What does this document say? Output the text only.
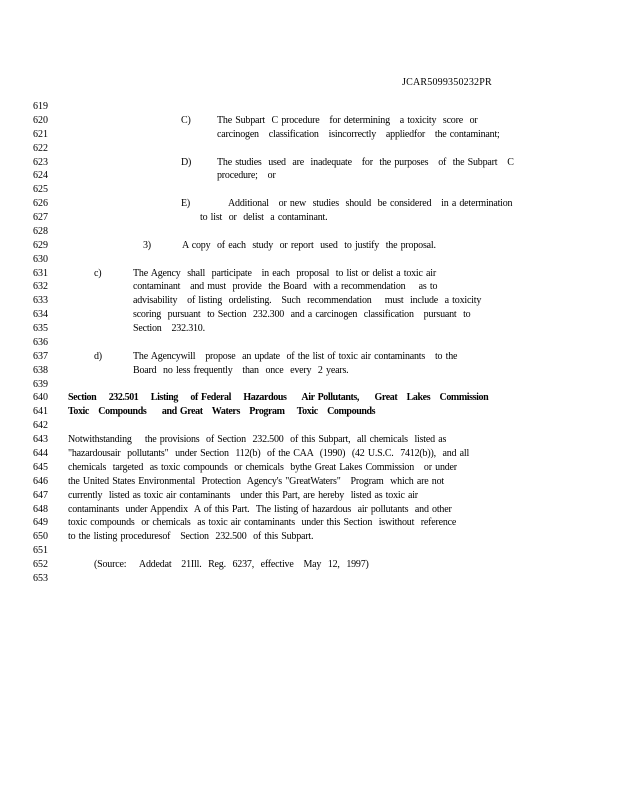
JCAR5099350232PR
619
620	C)	The Subpart  C procedure   for determining   a toxicity  score  or
621	carcinogen   classification   isincorrectly   appliedfor   the contaminant;
622
623	D)	The studies  used  are  inadequate   for  the purposes   of  the Subpart   C
624	procedure;   or
625
626	E)	Additional   or new  studies  should  be considered   in a determination
627	to list  or  delist  a contaminant.
628
629	3)	A copy  of each  study  or report  used  to justify  the proposal.
630
631	c)	The Agency  shall  participate   in each  proposal  to list or delist a toxic air
632	contaminant   and must  provide  the Board  with a recommendation    as to
633	advisability   of listing  ordelisting.   Such  recommendation    must  include  a toxicity
634	scoring  pursuant  to Section  232.300  and a carcinogen  classification   pursuant  to
635	Section   232.310.
636
637	d)	The Agencywill   propose  an update  of the list of toxic air contaminants   to the
638	Board  no less frequently   than  once  every  2 years.
639
640 Section    232.501    Listing    of Federal    Hazardous     Air Pollutants,     Great   Lakes   Commission
641 Toxic   Compounds     and Great   Waters   Program    Toxic   Compounds
642
643 Notwithstanding    the provisions  of Section  232.500  of this Subpart,  all chemicals  listed as
644 "hazardousair  pollutants"  under Section  112(b)  of the CAA  (1990)  (42 U.S.C.  7412(b)),  and all
645 chemicals  targeted  as toxic compounds  or chemicals  bythe Great Lakes Commission   or under
646 the United States Environmental  Protection  Agency's "GreatWaters"   Program  which are not
647 currently  listed as toxic air contaminants   under this Part, are hereby  listed as toxic air
648 contaminants  under Appendix  A of this Part.  The listing of hazardous  air pollutants  and other
649 toxic compounds  or chemicals  as toxic air contaminants  under this Section  iswithout  reference
650 to the listing proceduresof   Section  232.500  of this Subpart.
651
652	(Source:    Addedat   21Ill.  Reg.  6237,  effective   May  12,  1997)
653
